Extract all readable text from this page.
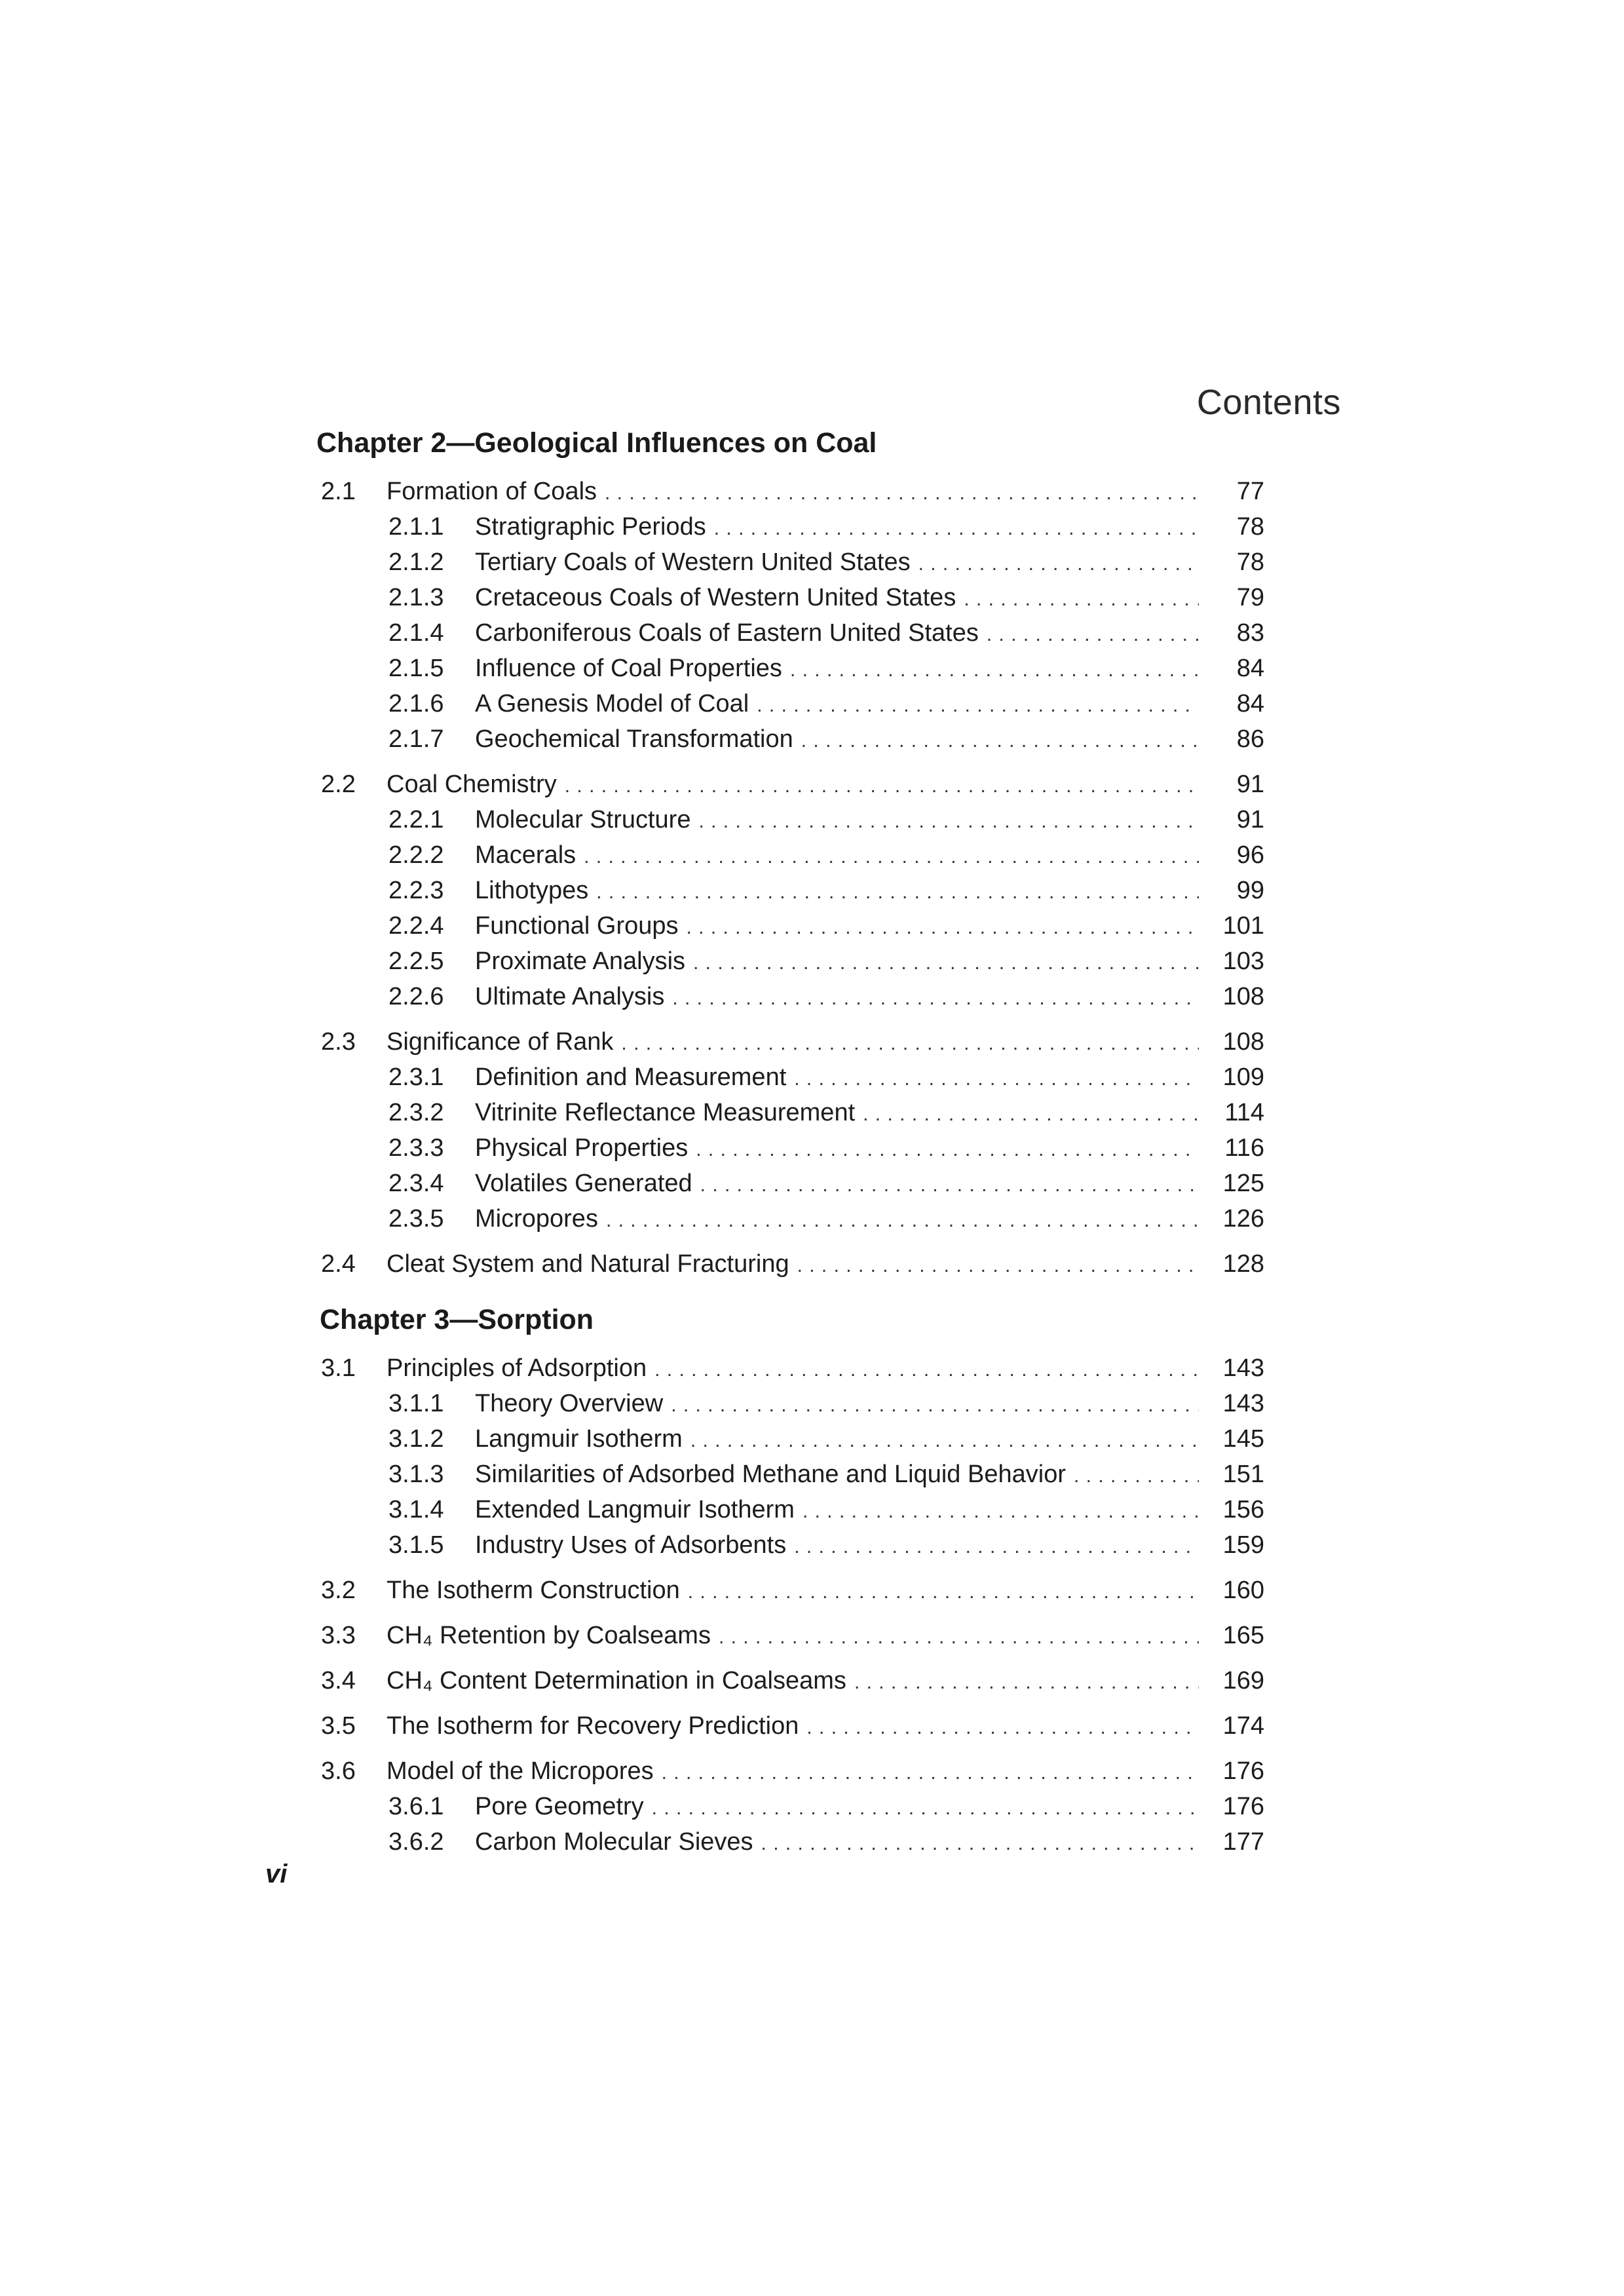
Contents
Chapter 2—Geological Influences on Coal
2.1 Formation of Coals . . .	77
2.1.1 Stratigraphic Periods . . .	78
2.1.2 Tertiary Coals of Western United States . . .	78
2.1.3 Cretaceous Coals of Western United States . . .	79
2.1.4 Carboniferous Coals of Eastern United States . . .	83
2.1.5 Influence of Coal Properties . . .	84
2.1.6 A Genesis Model of Coal . . .	84
2.1.7 Geochemical Transformation . . .	86
2.2 Coal Chemistry . . .	91
2.2.1 Molecular Structure . . .	91
2.2.2 Macerals . . .	96
2.2.3 Lithotypes . . .	99
2.2.4 Functional Groups . . .	101
2.2.5 Proximate Analysis . . .	103
2.2.6 Ultimate Analysis . . .	108
2.3 Significance of Rank . . .	108
2.3.1 Definition and Measurement . . .	109
2.3.2 Vitrinite Reflectance Measurement . . .	114
2.3.3 Physical Properties . . .	116
2.3.4 Volatiles Generated . . .	125
2.3.5 Micropores . . .	126
2.4 Cleat System and Natural Fracturing . . .	128
Chapter 3—Sorption
3.1 Principles of Adsorption . . .	143
3.1.1 Theory Overview . . .	143
3.1.2 Langmuir Isotherm . . .	145
3.1.3 Similarities of Adsorbed Methane and Liquid Behavior . . .	151
3.1.4 Extended Langmuir Isotherm . . .	156
3.1.5 Industry Uses of Adsorbents . . .	159
3.2 The Isotherm Construction . . .	160
3.3 CH₄ Retention by Coalseams . . .	165
3.4 CH₄ Content Determination in Coalseams . . .	169
3.5 The Isotherm for Recovery Prediction . . .	174
3.6 Model of the Micropores . . .	176
3.6.1 Pore Geometry . . .	176
3.6.2 Carbon Molecular Sieves . . .	177
vi
